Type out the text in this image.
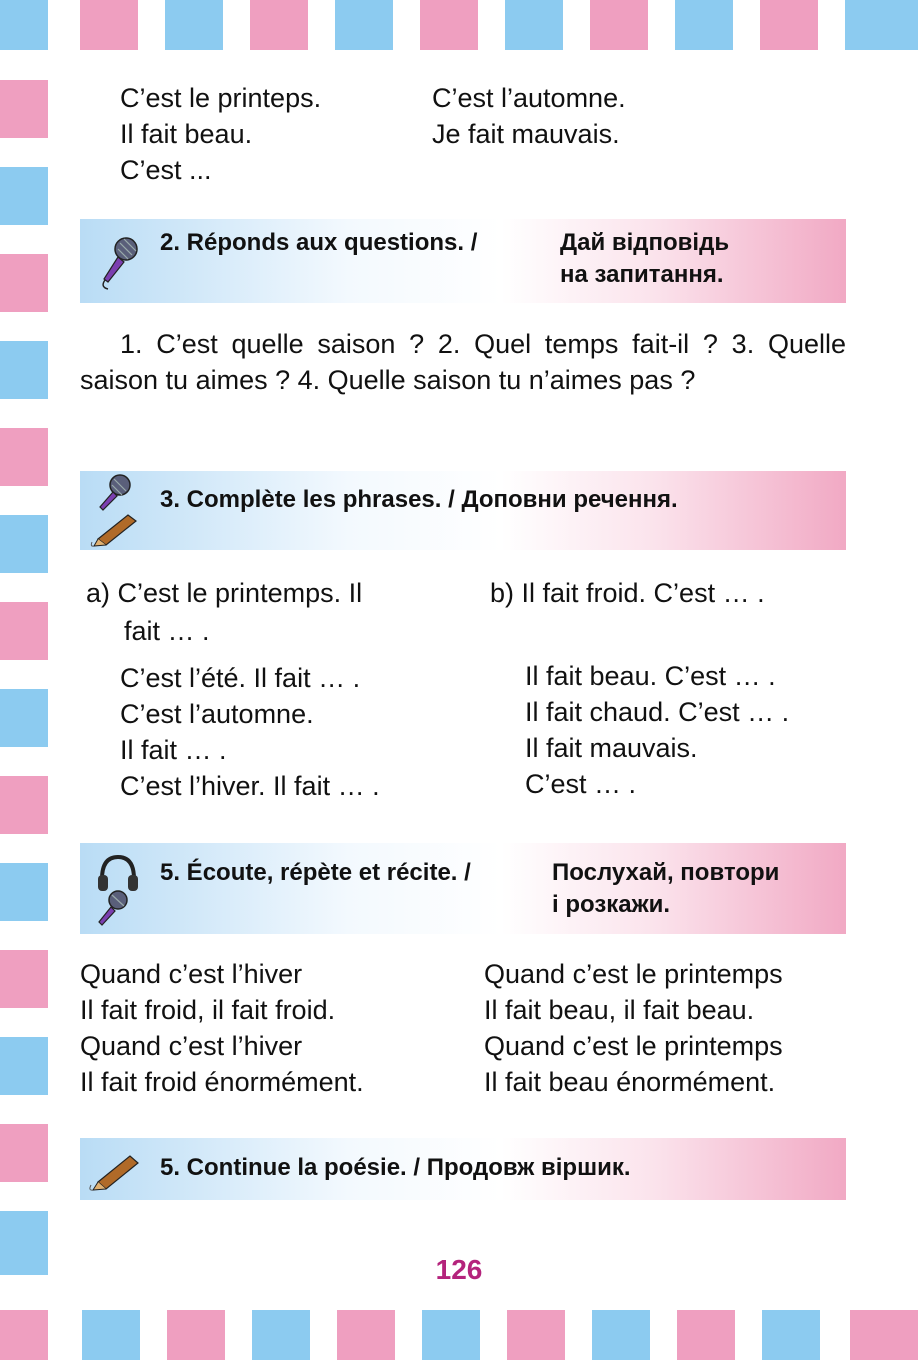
C’est le printeps.
Il fait beau.
C’est ...
C’est l’automne.
Je fait mauvais.
2. Réponds aux questions. /	Дай відповідь
на запитання.
1. C’est quelle saison ? 2. Quel temps fait-il ? 3. Quelle saison tu aimes ? 4. Quelle saison tu n’aimes pas ?
3. Complète les phrases. / Доповни речення.
a) C’est le printemps. Il
fait … .
C’est l’été. Il fait … .
C’est l’automne.
Il fait … .
C’est l’hiver. Il fait … .
b) Il fait froid. C’est … .
Il fait beau. C’est … .
Il fait chaud. C’est … .
Il fait mauvais.
C’est … .
5. Écoute, répète et récite. /	Послухай, повтори
і розкажи.
Quand c’est l’hiver
Il fait froid, il fait froid.
Quand c’est l’hiver
Il fait froid énormément.
Quand c’est le printemps
Il fait beau, il fait beau.
Quand c’est le printemps
Il fait beau énormément.
5. Continue la poésie. / Продовж віршик.
126
